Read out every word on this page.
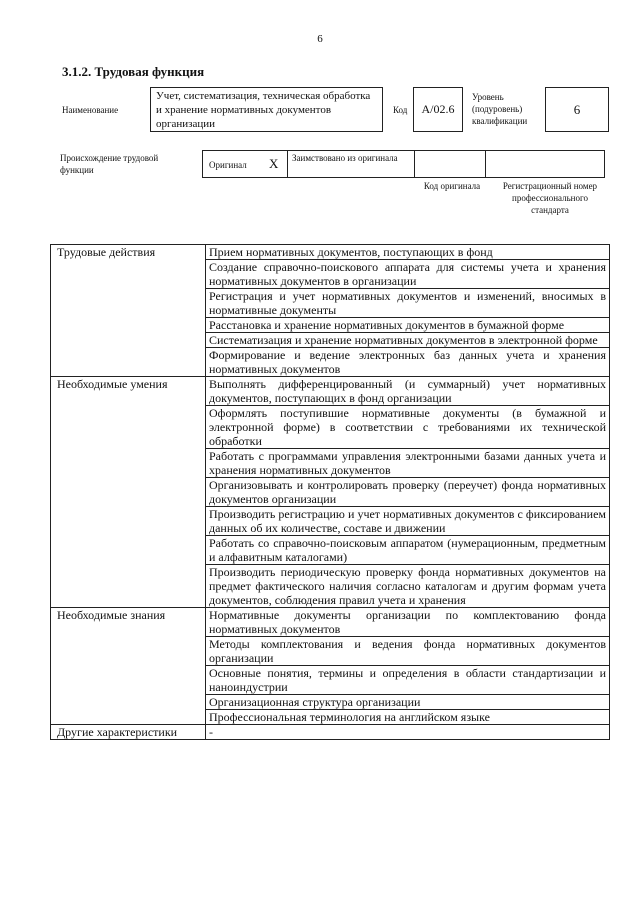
6
3.1.2. Трудовая функция
Наименование
Учет, систематизация, техническая обработка и хранение нормативных документов организации
Код	А/02.6
Уровень (подуровень) квалификации
6
Происхождение трудовой функции	Оригинал X Заимствовано из оригинала
Код оригинала	Регистрационный номер профессионального стандарта
Трудовые действия	Прием нормативных документов, поступающих в фонд
	Создание справочно-поискового аппарата для системы учета и хранения нормативных документов в организации
	Регистрация и учет нормативных документов и изменений, вносимых в нормативные документы
	Расстановка и хранение нормативных документов в бумажной форме
	Систематизация и хранение нормативных документов в электронной форме
	Формирование и ведение электронных баз данных учета и хранения нормативных документов
Необходимые умения	Выполнять дифференцированный (и суммарный) учет нормативных документов, поступающих в фонд организации
	Оформлять поступившие нормативные документы (в бумажной и электронной форме) в соответствии с требованиями их технической обработки
	Работать с программами управления электронными базами данных учета и хранения нормативных документов
	Организовывать и контролировать проверку (переучет) фонда нормативных документов организации
	Производить регистрацию и учет нормативных документов с фиксированием данных об их количестве, составе и движении
	Работать со справочно-поисковым аппаратом (нумерационным, предметным и алфавитным каталогами)
	Производить периодическую проверку фонда нормативных документов на предмет фактического наличия согласно каталогам и другим формам учета документов, соблюдения правил учета и хранения
Необходимые знания	Нормативные документы организации по комплектованию фонда нормативных документов
	Методы комплектования и ведения фонда нормативных документов организации
	Основные понятия, термины и определения в области стандартизации и наноиндустрии
	Организационная структура организации
	Профессиональная терминология на английском языке
Другие характеристики	-
